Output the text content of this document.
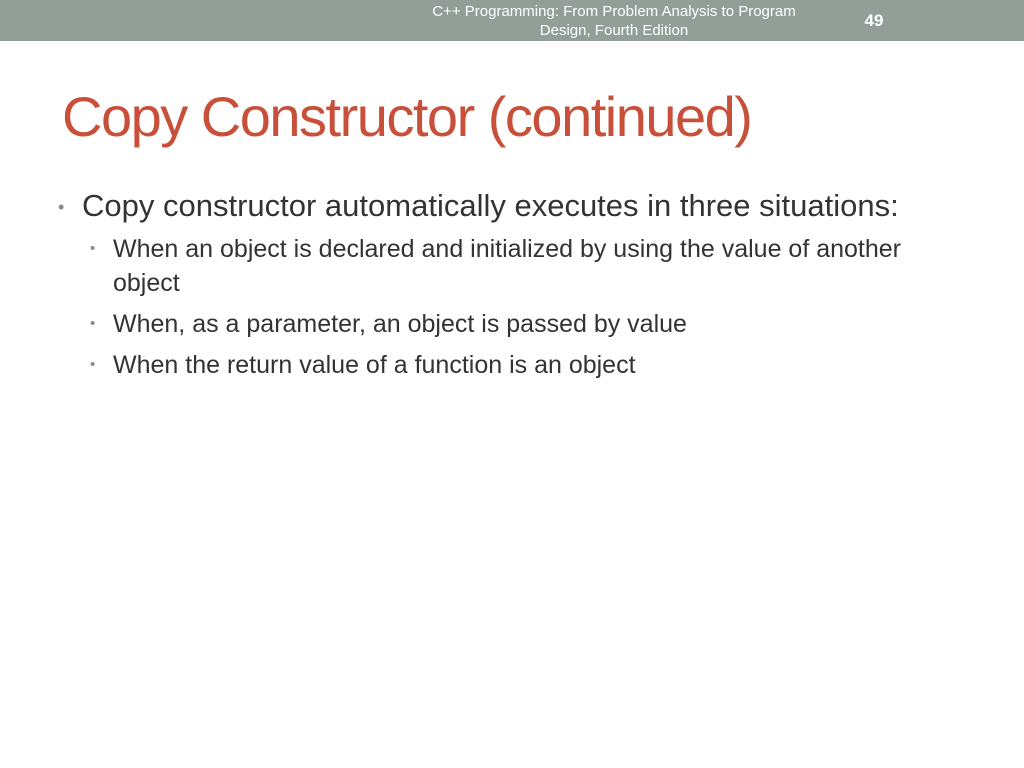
C++ Programming: From Problem Analysis to Program
Design, Fourth Edition
49
Copy Constructor (continued)
• Copy constructor automatically executes in three situations:
• When an object is declared and initialized by using the value of another object
• When, as a parameter, an object is passed by value
• When the return value of a function is an object
